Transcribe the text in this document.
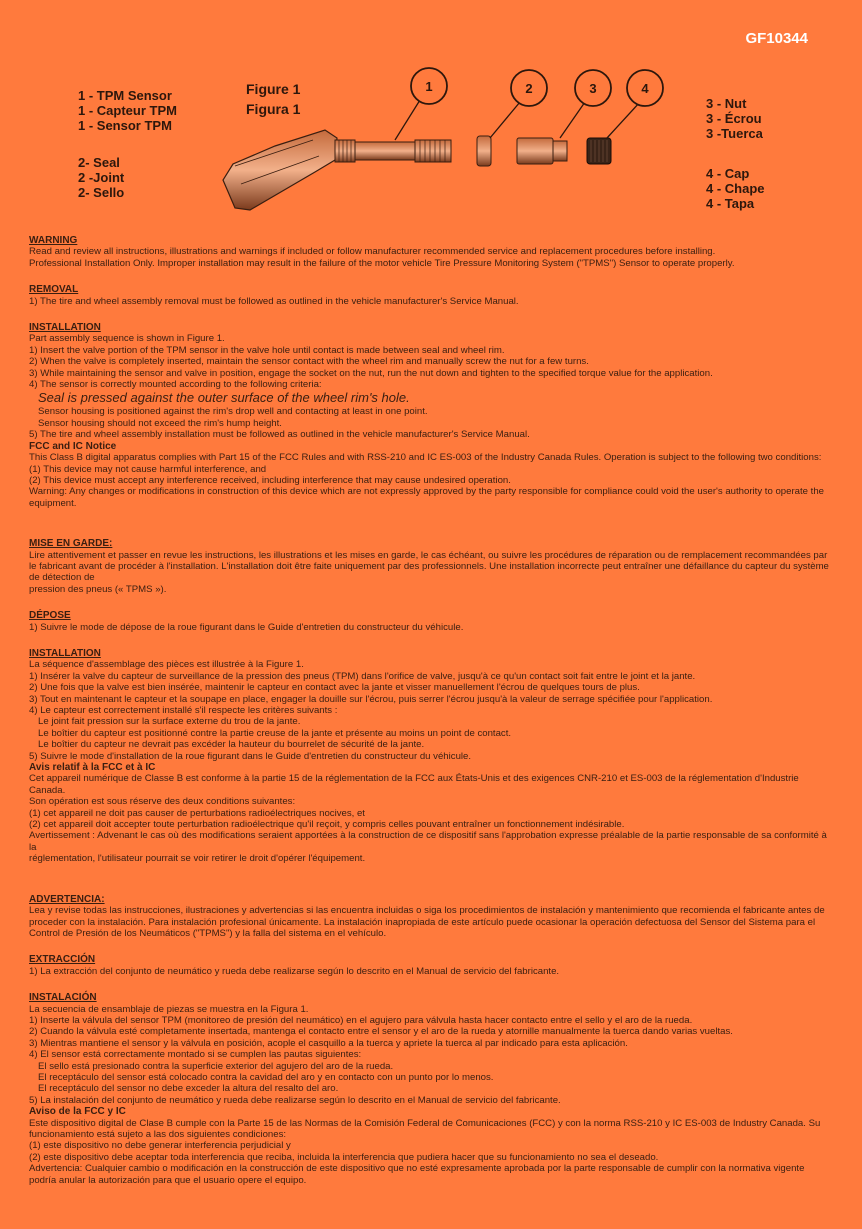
GF10344
1 - TPM Sensor
1 - Capteur TPM
1 - Sensor TPM
2- Seal
2 -Joint
2- Sello
Figure 1
Figura 1
1	2	3	4
3 - Nut
3 - Écrou
3 -Tuerca
4 - Cap
4 - Chape
4 - Tapa
WARNING

Read and review all instructions, illustrations and warnings if included or follow manufacturer recommended service and replacement procedures before installing.

Professional Installation Only. Improper installation may result in the failure of the motor vehicle Tire Pressure Monitoring System ("TPMS") Sensor to operate properly.

REMOVAL

1) The tire and wheel assembly removal must be followed as outlined in the vehicle manufacturer's Service Manual.

INSTALLATION

Part assembly sequence is shown in Figure 1.

1) Insert the valve portion of the TPM sensor in the valve hole until contact is made between seal and wheel rim.

2) When the valve is completely inserted, maintain the sensor contact with the wheel rim and manually screw the nut for a few turns.

3) While maintaining the sensor and valve in position, engage the socket on the nut, run the nut down and tighten to the specified torque value for the application.

4) The sensor is correctly mounted according to the following criteria:

Seal is pressed against the outer surface of the wheel rim's hole.

Sensor housing is positioned against the rim's drop well and contacting at least in one point.

Sensor housing should not exceed the rim's hump height.

5) The tire and wheel assembly installation must be followed as outlined in the vehicle manufacturer's Service Manual.

FCC and IC Notice

This Class B digital apparatus complies with Part 15 of the FCC Rules and with RSS-210 and IC ES-003 of the Industry Canada Rules. Operation is subject to the following two conditions:

(1) This device may not cause harmful interference, and

(2) This device must accept any interference received, including interference that may cause undesired operation.

Warning: Any changes or modifications in construction of this device which are not expressly approved by the party responsible for compliance could void the user's authority to operate the equipment.

MISE EN GARDE:

Lire attentivement et passer en revue les instructions, les illustrations et les mises en garde, le cas échéant, ou suivre les procédures de réparation ou de remplacement recommandées par le fabricant avant de procéder à l'installation. L'installation doit être faite uniquement par des professionnels. Une installation incorrecte peut entraîner une défaillance du capteur du système de détection de

pression des pneus (« TPMS »).

DÉPOSE

1) Suivre le mode de dépose de la roue figurant dans le Guide d'entretien du constructeur du véhicule.

INSTALLATION

La séquence d'assemblage des pièces est illustrée à la Figure 1.

1) Insérer la valve du capteur de surveillance de la pression des pneus (TPM) dans l'orifice de valve, jusqu'à ce qu'un contact soit fait entre le joint et la jante.

2) Une fois que la valve est bien insérée, maintenir le capteur en contact avec la jante et visser manuellement l'écrou de quelques tours de plus.

3) Tout en maintenant le capteur et la soupape en place, engager la douille sur l'écrou, puis serrer l'écrou jusqu'à la valeur de serrage spécifiée pour l'application.

4) Le capteur est correctement installé s'il respecte les critères suivants :

Le joint fait pression sur la surface externe du trou de la jante.

Le boîtier du capteur est positionné contre la partie creuse de la jante et présente au moins un point de contact.

Le boîtier du capteur ne devrait pas excéder la hauteur du bourrelet de sécurité de la jante.

5) Suivre le mode d'installation de la roue figurant dans le Guide d'entretien du constructeur du véhicule.

Avis relatif à la FCC et à IC

Cet appareil numérique de Classe B est conforme à la partie 15 de la réglementation de la FCC aux États-Unis et des exigences CNR-210 et ES-003 de la réglementation d'Industrie Canada.

Son opération est sous réserve des deux conditions suivantes:

(1) cet appareil ne doit pas causer de perturbations radioélectriques nocives, et

(2) cet appareil doit accepter toute perturbation radioélectrique qu'il reçoit, y compris celles pouvant entraîner un fonctionnement indésirable.

Avertissement : Advenant le cas où des modifications seraient apportées à la construction de ce dispositif sans l'approbation expresse préalable de la partie responsable de sa conformité à la

réglementation, l'utilisateur pourrait se voir retirer le droit d'opérer l'équipement.

ADVERTENCIA:

Lea y revise todas las instrucciones, ilustraciones y advertencias si las encuentra incluidas o siga los procedimientos de instalación y mantenimiento que recomienda el fabricante antes de proceder con la instalación. Para instalación profesional únicamente. La instalación inapropiada de este artículo puede ocasionar la operación defectuosa del Sensor del Sistema para el Control de Presión de los Neumáticos ("TPMS") y la falla del sistema en el vehículo.

EXTRACCIÓN

1) La extracción del conjunto de neumático y rueda debe realizarse según lo descrito en el Manual de servicio del fabricante.

INSTALACIÓN

La secuencia de ensamblaje de piezas se muestra en la Figura 1.

1) Inserte la válvula del sensor TPM (monitoreo de presión del neumático) en el agujero para válvula hasta hacer contacto entre el sello y el aro de la rueda.

2) Cuando la válvula esté completamente insertada, mantenga el contacto entre el sensor y el aro de la rueda y atornille manualmente la tuerca dando varias vueltas.

3) Mientras mantiene el sensor y la válvula en posición, acople el casquillo a la tuerca y apriete la tuerca al par indicado para esta aplicación.

4) El sensor está correctamente montado si se cumplen las pautas siguientes:

El sello está presionado contra la superficie exterior del agujero del aro de la rueda.

El receptáculo del sensor está colocado contra la cavidad del aro y en contacto con un punto por lo menos.

El receptáculo del sensor no debe exceder la altura del resalto del aro.

5) La instalación del conjunto de neumático y rueda debe realizarse según lo descrito en el Manual de servicio del fabricante.

Aviso de la FCC y IC

Este dispositivo digital de Clase B cumple con la Parte 15 de las Normas de la Comisión Federal de Comunicaciones (FCC) y con la norma RSS-210 y IC ES-003 de Industry Canada. Su funcionamiento está sujeto a las dos siguientes condiciones:

(1) este dispositivo no debe generar interferencia perjudicial y

(2) este dispositivo debe aceptar toda interferencia que reciba, incluida la interferencia que pudiera hacer que su funcionamiento no sea el deseado.

Advertencia: Cualquier cambio o modificación en la construcción de este dispositivo que no esté expresamente aprobada por la parte responsable de cumplir con la normativa vigente podría anular la autorización para que el usuario opere el equipo.
